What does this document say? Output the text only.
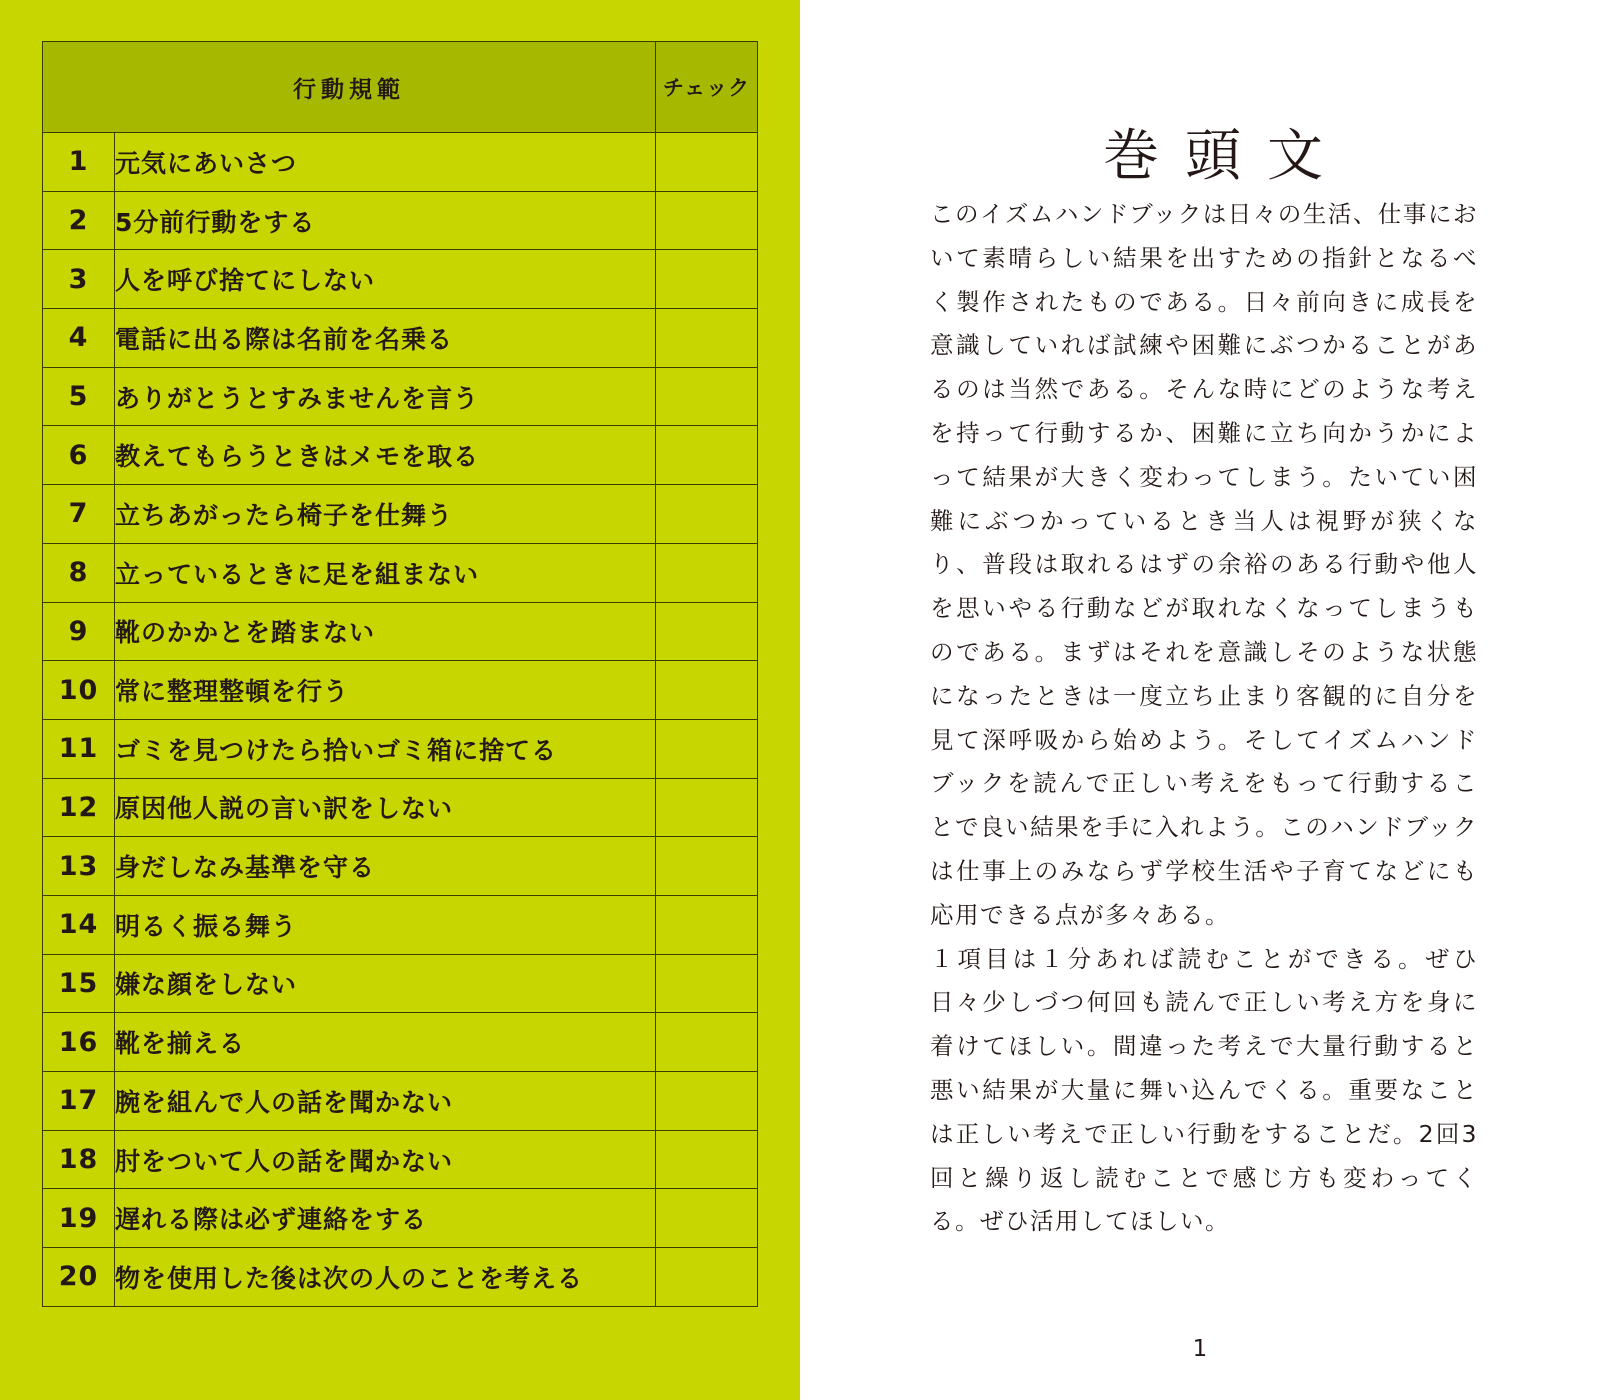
行動規範		チェック
1	元気にあいさつ	
2	5分前行動をする	
3	人を呼び捨てにしない	
4	電話に出る際は名前を名乗る	
5	ありがとうとすみませんを言う	
6	教えてもらうときはメモを取る	
7	立ちあがったら椅子を仕舞う	
8	立っているときに足を組まない	
9	靴のかかとを踏まない	
10	常に整理整頓を行う	
11	ゴミを見つけたら拾いゴミ箱に捨てる	
12	原因他人説の言い訳をしない	
13	身だしなみ基準を守る	
14	明るく振る舞う	
15	嫌な顔をしない	
16	靴を揃える	
17	腕を組んで人の話を聞かない	
18	肘をついて人の話を聞かない	
19	遅れる際は必ず連絡をする	
20	物を使用した後は次の人のことを考える	
巻頭文

このイズムハンドブックは日々の生活、仕事において素晴らしい結果を出すための指針となるべく製作されたものである。日々前向きに成長を意識していれば試練や困難にぶつかることがあるのは当然である。そんな時にどのような考えを持って行動するか、困難に立ち向かうかによって結果が大きく変わってしまう。たいてい困難にぶつかっているとき当人は視野が狭くなり、普段は取れるはずの余裕のある行動や他人を思いやる行動などが取れなくなってしまうものである。まずはそれを意識しそのような状態になったときは一度立ち止まり客観的に自分を見て深呼吸から始めよう。そしてイズムハンドブックを読んで正しい考えをもって行動することで良い結果を手に入れよう。このハンドブックは仕事上のみならず学校生活や子育てなどにも応用できる点が多々ある。

１項目は１分あれば読むことができる。ぜひ日々少しづつ何回も読んで正しい考え方を身に着けてほしい。間違った考えで大量行動すると悪い結果が大量に舞い込んでくる。重要なことは正しい考えで正しい行動をすることだ。2回3回と繰り返し読むことで感じ方も変わってくる。ぜひ活用してほしい。

1
